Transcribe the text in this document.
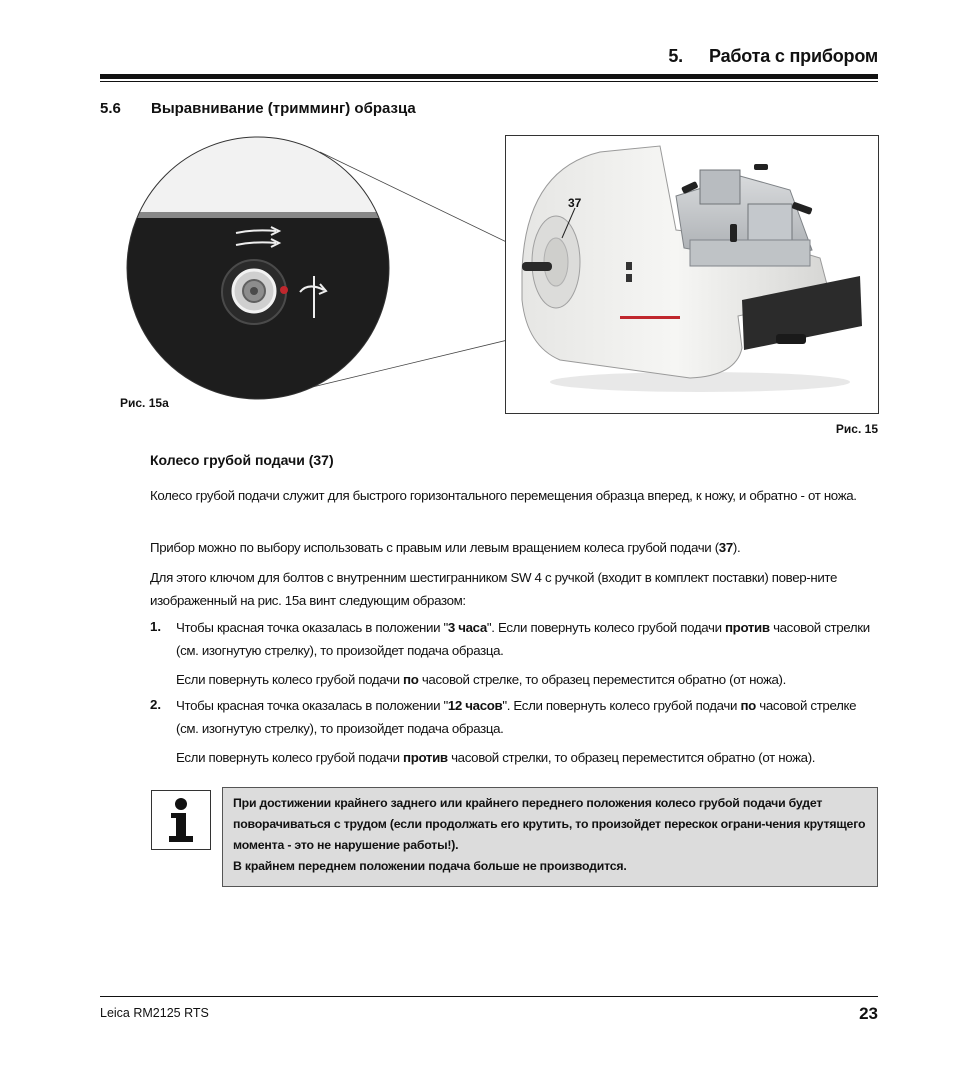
5. Работа с прибором
5.6 Выравнивание (тримминг) образца
37
Рис. 15a
Рис. 15
Колесо грубой подачи (37)
Колесо грубой подачи служит для быстрого горизонтального перемещения образца вперед, к ножу, и обратно - от ножа.
Прибор можно по выбору использовать с правым или левым вращением колеса грубой подачи (37).
Для этого ключом для болтов с внутренним шестигранником SW 4 с ручкой (входит в комплект поставки) повер-ните изображенный на рис. 15a винт следующим образом:
1. Чтобы красная точка оказалась в положении "3 часа". Если повернуть колесо грубой подачи против часовой стрелки (см. изогнутую стрелку), то произойдет подача образца.
Если повернуть колесо грубой подачи по часовой стрелке, то образец переместится обратно (от ножа).
2. Чтобы красная точка оказалась в положении "12 часов". Если повернуть колесо грубой подачи по часовой стрелке (см. изогнутую стрелку), то произойдет подача образца.
Если повернуть колесо грубой подачи против часовой стрелки, то образец переместится обратно (от ножа).
При достижении крайнего заднего или крайнего переднего положения колесо грубой подачи будет поворачиваться с трудом (если продолжать его крутить, то произойдет перескок ограни-чения крутящего момента - это не нарушение работы!).
В крайнем переднем положении подача больше не производится.
Leica RM2125 RTS	23
